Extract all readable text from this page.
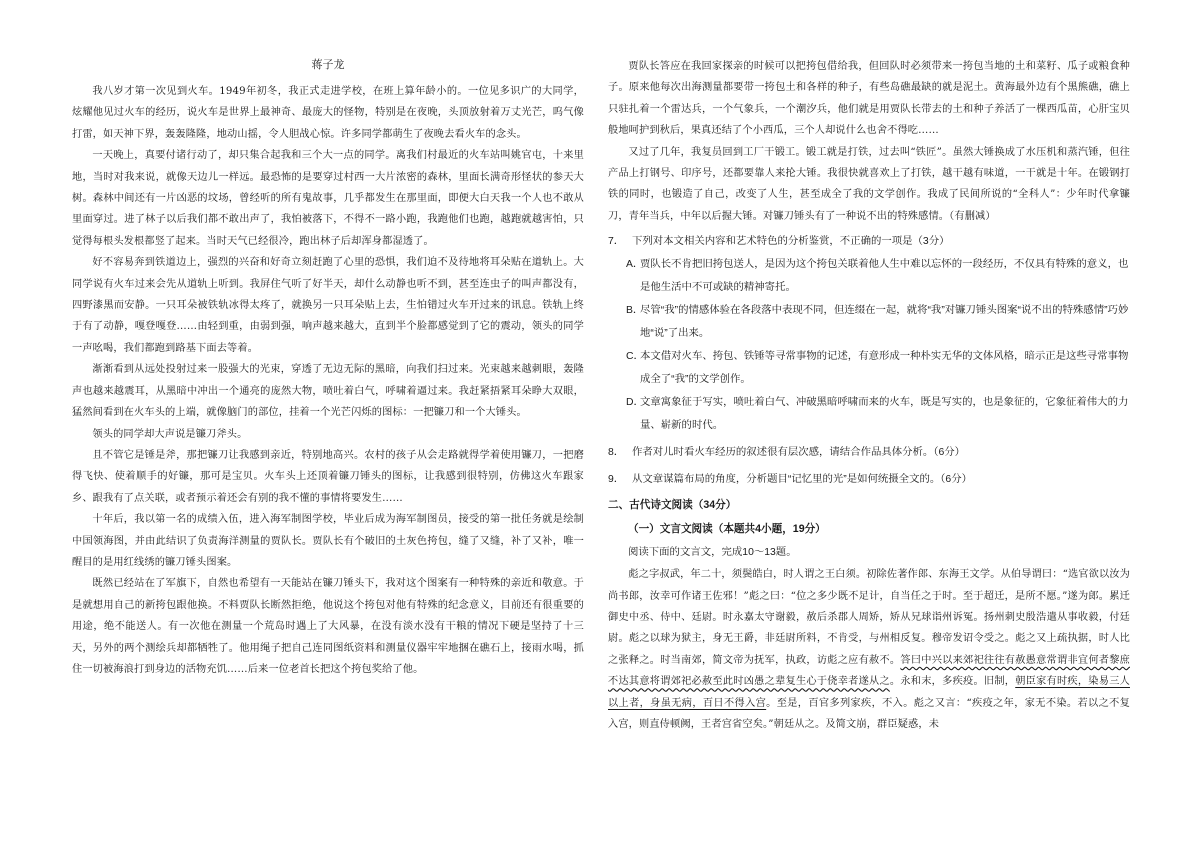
蒋子龙

我八岁才第一次见到火车。1949年初冬，我正式走进学校，在班上算年龄小的。一位见多识广的大同学，炫耀他见过火车的经历，说火车是世界上最神奇、最庞大的怪物，特别是在夜晚，头顶放射着万丈光芒，呜气像打雷，如天神下界，轰轰隆隆，地动山摇，令人胆战心惊。许多同学都萌生了夜晚去看火车的念头。

一天晚上，真要付诸行动了，却只集合起我和三个大一点的同学。离我们村最近的火车站叫姚官屯，十来里地，当时对我来说，就像天边儿一样远。最恐怖的是要穿过村西一大片浓密的森林，里面长满奇形怪状的参天大树。森林中间还有一片凶恶的坟场，曾经听的所有鬼故事，几乎都发生在那里面，即便大白天我一个人也不敢从里面穿过。进了林子以后我们都不敢出声了，我怕被落下，不得不一路小跑，我跑他们也跑，越跑就越害怕，只觉得每根头发根都竖了起来。当时天气已经很冷，跑出林子后却浑身都湿透了。

好不容易奔到铁道边上，强烈的兴奋和好奇立刻赶跑了心里的恐惧，我们迫不及待地将耳朵贴在道轨上。大同学说有火车过来会先从道轨上听到。我屏住气听了好半天，却什么动静也听不到，甚至连虫子的叫声都没有，四野漆黑而安静。一只耳朵被铁轨冰得太疼了，就换另一只耳朵贴上去，生怕错过火车开过来的讯息。铁轨上终于有了动静，嘎登嘎登……由轻到重，由弱到强，响声越来越大，直到半个脸都感觉到了它的震动，领头的同学一声吆喝，我们都跑到路基下面去等着。

渐渐看到从远处投射过来一股强大的光束，穿透了无边无际的黑暗，向我们扫过来。光束越来越刺眼，轰隆声也越来越震耳，从黑暗中冲出一个通亮的庞然大物，喷吐着白气，呼啸着逼过来。我赶紧捂紧耳朵睁大双眼，猛然间看到在火车头的上端，就像脑门的部位，挂着一个光芒闪烁的图标：一把镰刀和一个大锤头。

领头的同学却大声说是镰刀斧头。

且不管它是锤是斧，那把镰刀让我感到亲近，特别地高兴。农村的孩子从会走路就得学着使用镰刀，一把磨得飞快、使着顺手的好镰，那可是宝贝。火车头上还顶着镰刀锤头的图标，让我感到很特别，仿佛这火车跟家乡、跟我有了点关联，或者预示着还会有别的我不懂的事情将要发生……

十年后，我以第一名的成绩入伍，进入海军制图学校，毕业后成为海军制图员，接受的第一批任务就是绘制中国领海图，并由此结识了负责海洋测量的贾队长。贾队长有个破旧的土灰色挎包，缝了又缝，补了又补，唯一醒目的是用红线绣的镰刀锤头图案。

既然已经站在了军旗下，自然也希望有一天能站在镰刀锤头下，我对这个图案有一种特殊的亲近和敬意。于是就想用自己的新挎包跟他换。不料贾队长断然拒绝，他说这个挎包对他有特殊的纪念意义，目前还有很重要的用途，绝不能送人。有一次他在测量一个荒岛时遇上了大风暴，在没有淡水没有干粮的情况下硬是坚持了十三天，另外的两个测绘兵却都牺牲了。他用绳子把自己连同图纸资料和测量仪器牢牢地捆在礁石上，接雨水喝，抓住一切被海浪打到身边的活物充饥……后来一位老首长把这个挎包奖给了他。

贾队长答应在我回家探亲的时候可以把挎包借给我，但回队时必须带来一挎包当地的土和菜籽、瓜子或粮食种子。原来他每次出海测量都要带一挎包土和各样的种子，有些岛礁最缺的就是泥土。黄海最外边有个黑熊礁，礁上只驻扎着一个雷达兵，一个气象兵，一个潮汐兵，他们就是用贾队长带去的土和种子养活了一棵西瓜苗，心肝宝贝般地呵护到秋后，果真还结了个小西瓜，三个人却说什么也舍不得吃……

又过了几年，我复员回到工厂干锻工。锻工就是打铁，过去叫“铁匠”。虽然大锤换成了水压机和蒸汽锤，但往产品上打钢号、印序号，还都要靠人来抡大锤。我很快就喜欢上了打铁，越干越有味道，一干就是十年。在锻钢打铁的同时，也锻造了自己，改变了人生，甚至成全了我的文学创作。我成了民间所说的“全科人”：少年时代拿镰刀，青年当兵，中年以后握大锤。对镰刀锤头有了一种说不出的特殊感情。（有删减）

7． 下列对本文相关内容和艺术特色的分析鉴赏，不正确的一项是（3分）

A．贾队长不肯把旧挎包送人，是因为这个挎包关联着他人生中难以忘怀的一段经历，不仅具有特殊的意义，也是他生活中不可或缺的精神寄托。

B．尽管“我”的情感体验在各段落中表现不同，但连缀在一起，就将“我”对镰刀锤头图案“说不出的特殊感情”巧妙地“说”了出来。

C．本文借对火车、挎包、铁锤等寻常事物的记述，有意形成一种朴实无华的文体风格，暗示正是这些寻常事物成全了“我”的文学创作。

D．文章寓象征于写实，喷吐着白气、冲破黑暗呼啸而来的火车，既是写实的，也是象征的，它象征着伟大的力量、崭新的时代。

8． 作者对儿时看火车经历的叙述很有层次感，请结合作品具体分析。（6分）

9． 从文章谋篇布局的角度，分析题目“记忆里的光”是如何统摄全文的。（6分）

二、古代诗文阅读（34分）

（一）文言文阅读（本题共4小题，19分）

阅读下面的文言文，完成10～13题。

彪之字叔武，年二十，须鬓皓白，时人谓之王白须。初除佐著作郎、东海王文学。从伯导谓曰：“选官欲以汝为尚书郎，汝幸可作诸王佐邪！”彪之曰：“位之多少既不足计，自当任之于时。至于超迁，是所不愿。”遂为郎。累迁御史中丞、侍中、廷尉。时永嘉太守谢毅，赦后杀郡人周矫，矫从兄球诣州诉冤。扬州刺史殷浩遣从事收毅，付廷尉。彪之以球为狱主，身无王爵，非廷尉所料，不肯受，与州相反复。穆帝发诏令受之。彪之又上疏执据，时人比之张释之。时当南郊，简文帝为抚军，执政，访彪之应有赦不。答曰中兴以来郊祀往往有赦愚意常谓非宜何者黎庶不达其意将谓郊祀必赦至此时凶愚之辈复生心于侥幸者遂从之。永和末，多疾疫。旧制，朝臣家有时疾，染易三人以上者，身虽无病，百日不得入宫。至是，百官多列家疾，不入。彪之又言：“疾疫之年，家无不染。若以之不复入宫，则直侍顿阙，王者宫省空矣。”朝廷从之。及简文崩，群臣疑惑，未
